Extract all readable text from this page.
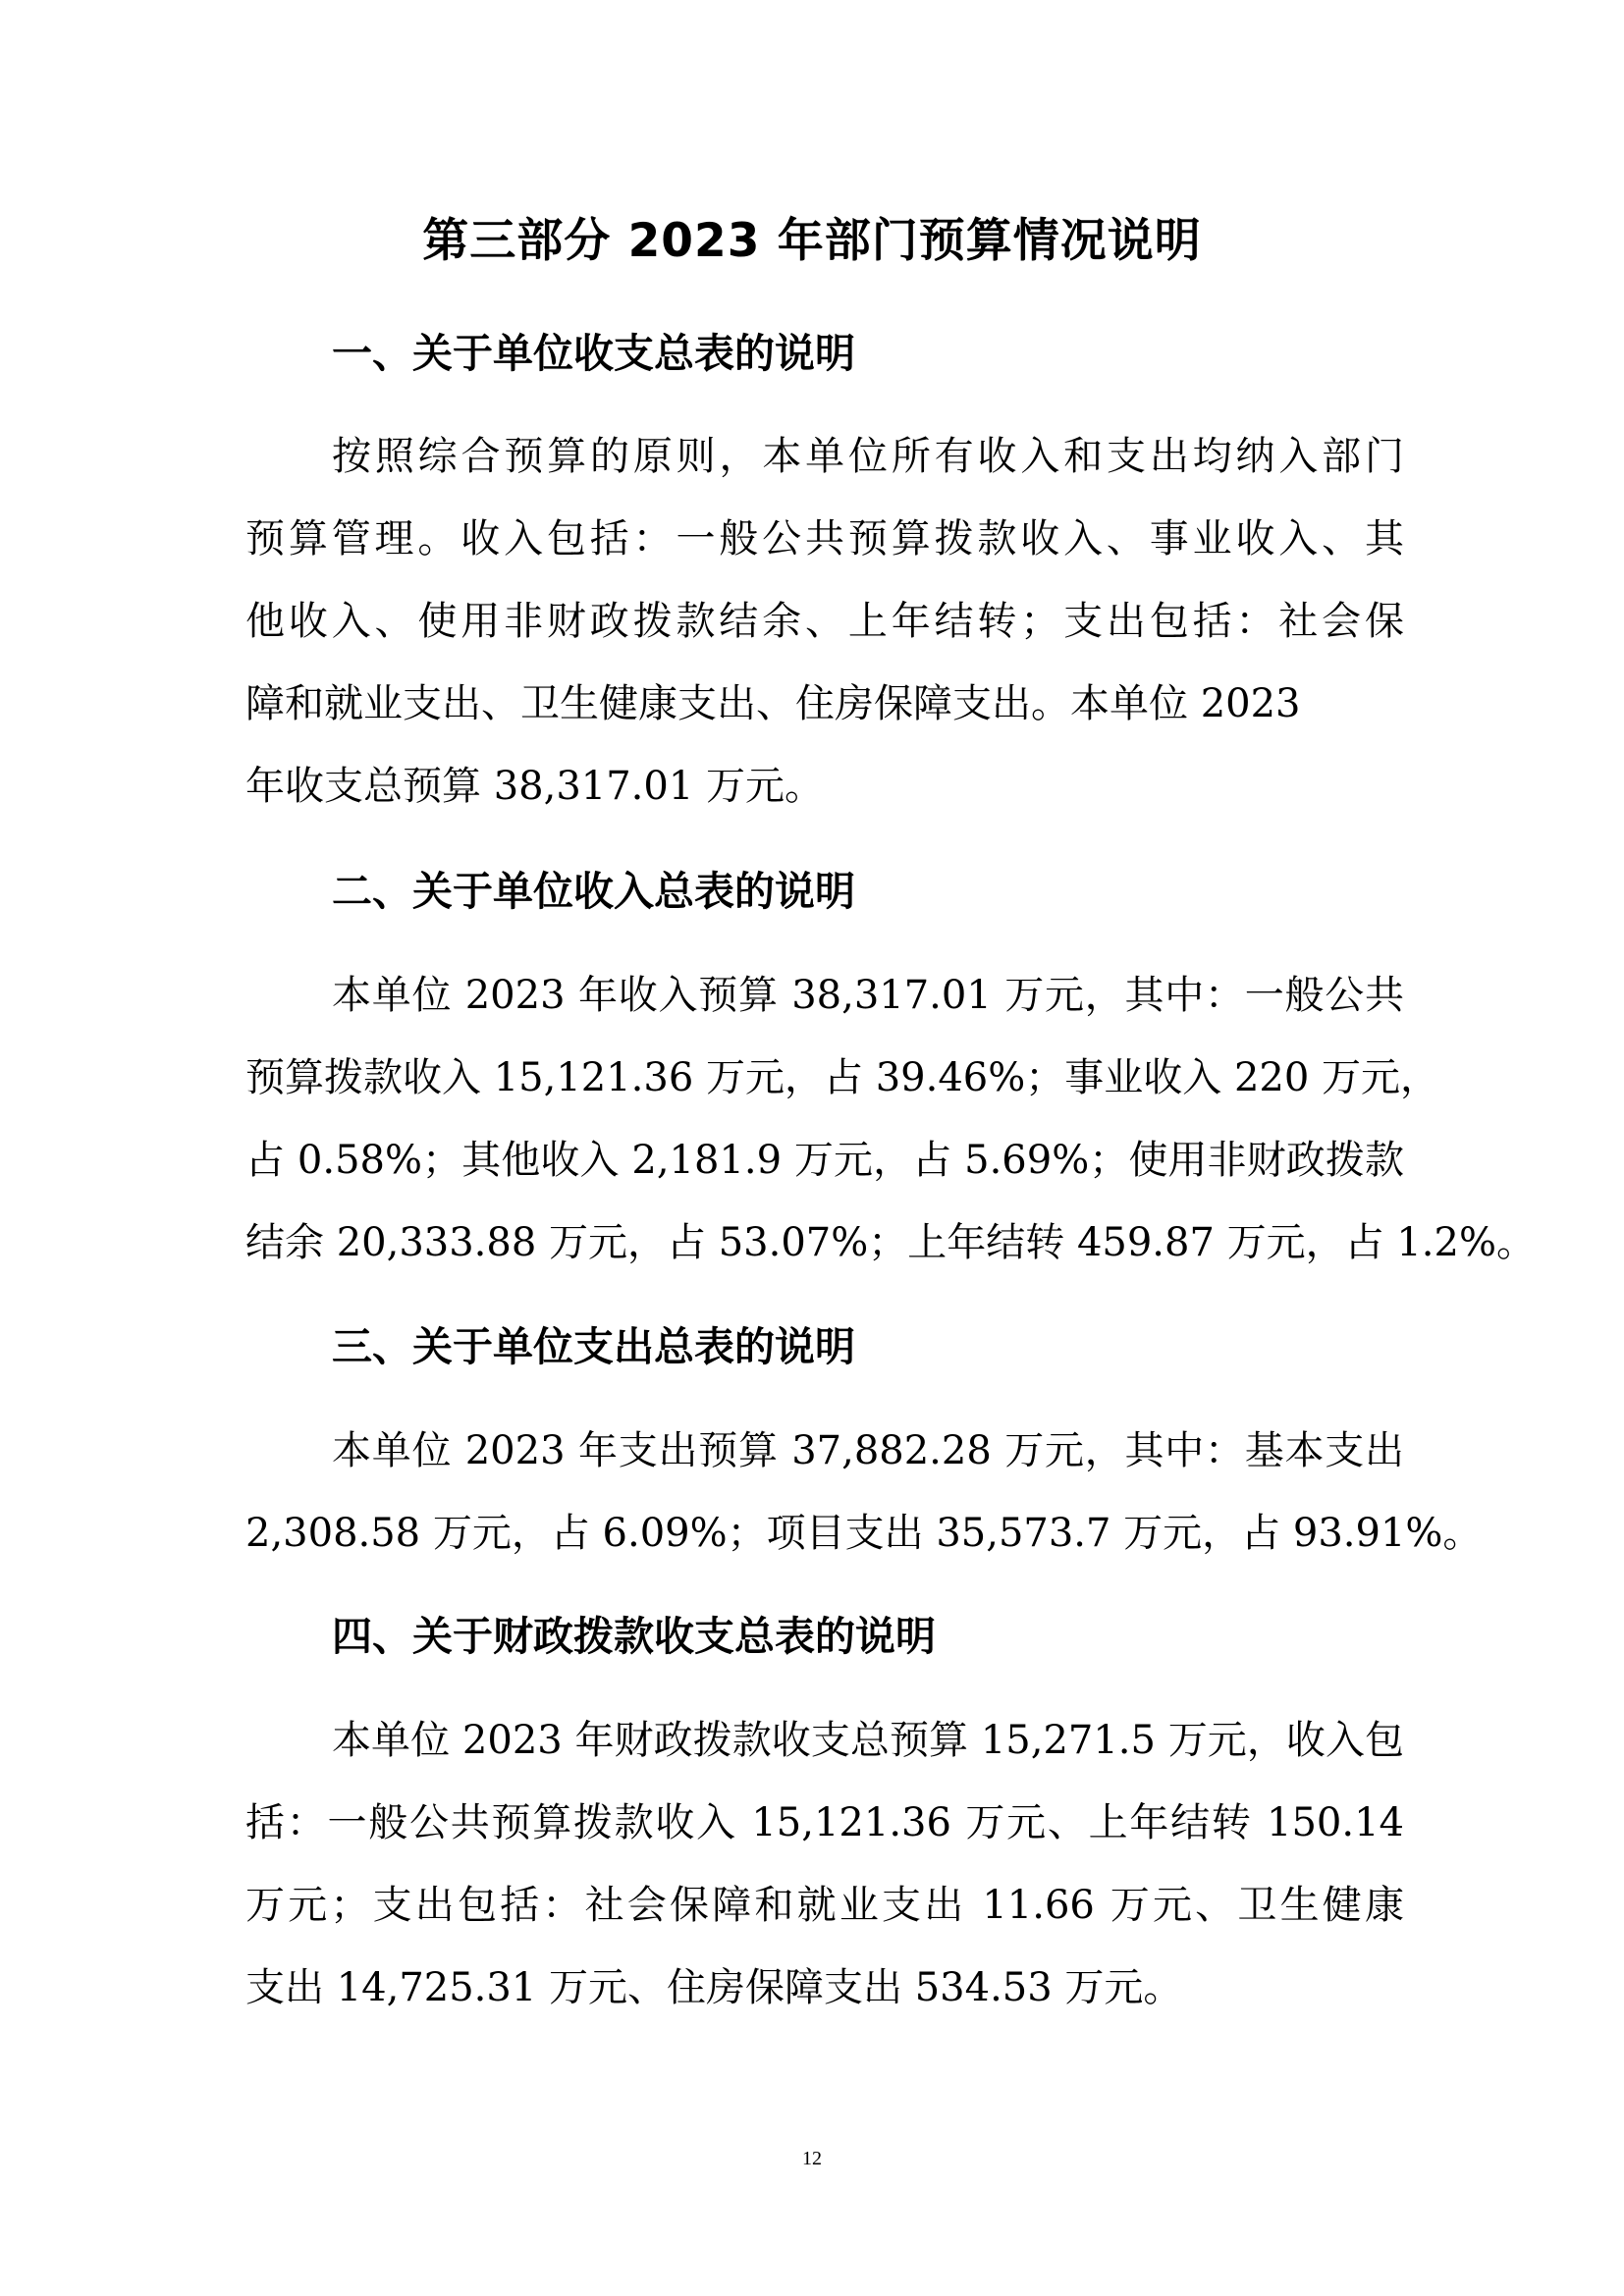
第三部分 2023 年部门预算情况说明
一、关于单位收支总表的说明
按照综合预算的原则，本单位所有收入和支出均纳入部门
预算管理。收入包括：一般公共预算拨款收入、事业收入、其
他收入、使用非财政拨款结余、上年结转；支出包括：社会保
障和就业支出、卫生健康支出、住房保障支出。本单位 2023
年收支总预算 38,317.01 万元。
二、关于单位收入总表的说明
本单位 2023 年收入预算 38,317.01 万元，其中：一般公共
预算拨款收入 15,121.36 万元，占 39.46%；事业收入 220 万元，
占 0.58%；其他收入 2,181.9 万元，占 5.69%；使用非财政拨款
结余 20,333.88 万元，占 53.07%；上年结转 459.87 万元，占 1.2%。
三、关于单位支出总表的说明
本单位 2023 年支出预算 37,882.28 万元，其中：基本支出
2,308.58 万元，占 6.09%；项目支出 35,573.7 万元，占 93.91%。
四、关于财政拨款收支总表的说明
本单位 2023 年财政拨款收支总预算 15,271.5 万元，收入包
括：一般公共预算拨款收入 15,121.36 万元、上年结转 150.14
万元；支出包括：社会保障和就业支出 11.66 万元、卫生健康
支出 14,725.31 万元、住房保障支出 534.53 万元。
12
